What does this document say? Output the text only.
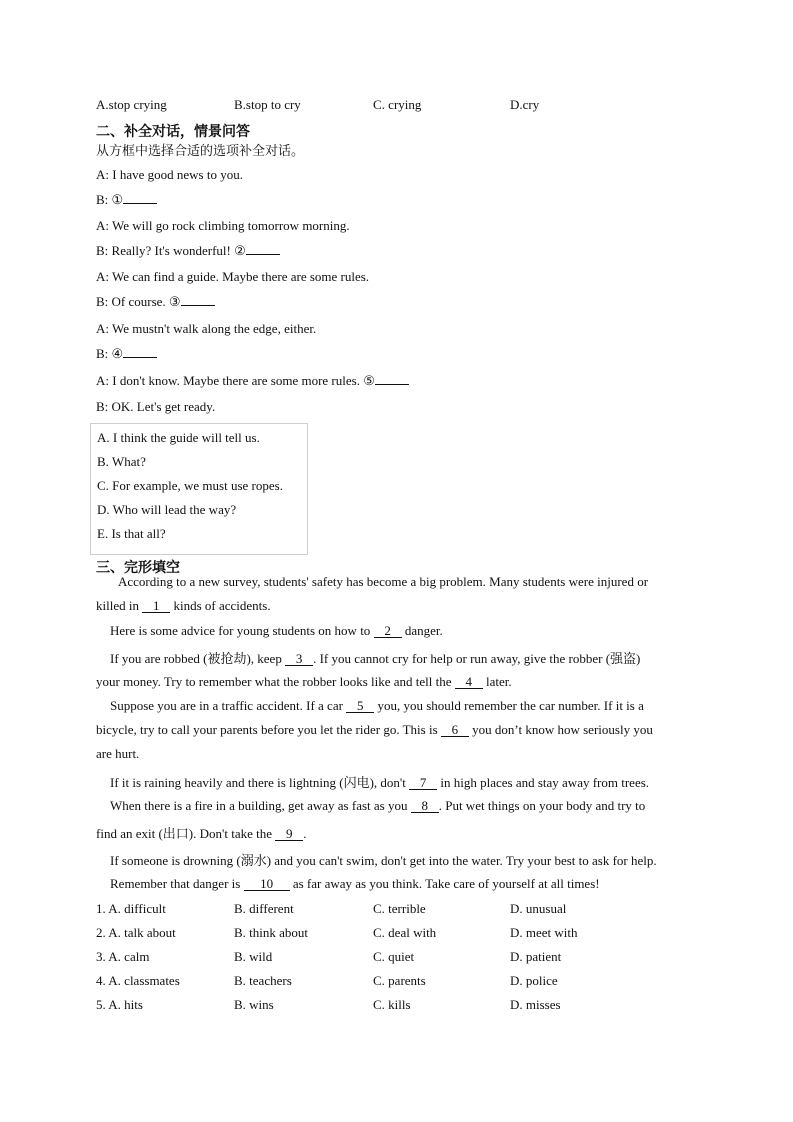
A.stop crying	B.stop to cry	C. crying	D.cry
二、补全对话，情景问答
从方框中选择合适的选项补全对话。
A: I have good news to you.
B: ①
A: We will go rock climbing tomorrow morning.
B: Really? It's wonderful! ②
A: We can find a guide. Maybe there are some rules.
B: Of course. ③
A: We mustn't walk along the edge, either.
B: ④
A: I don't know. Maybe there are some more rules. ⑤
B: OK. Let's get ready.
A. I think the guide will tell us.
B. What?
C. For example, we must use ropes.
D. Who will lead the way?
E. Is that all?
三、完形填空
According to a new survey, students' safety has become a big problem. Many students were injured or
killed in 1 kinds of accidents.
Here is some advice for young students on how to 2 danger.
If you are robbed (被抢劫), keep 3 . If you cannot cry for help or run away, give the robber (强盗)
your money. Try to remember what the robber looks like and tell the 4 later.
Suppose you are in a traffic accident. If a car 5 you, you should remember the car number. If it is a
bicycle, try to call your parents before you let the rider go. This is 6 you don’t know how seriously you
are hurt.
If it is raining heavily and there is lightning (闪电), don't 7 in high places and stay away from trees.
When there is a fire in a building, get away as fast as you 8 . Put wet things on your body and try to
find an exit (出口). Don't take the 9 .
If someone is drowning (溺水) and you can't swim, don't get into the water. Try your best to ask for help.
Remember that danger is 10 as far away as you think. Take care of yourself at all times!
1. A. difficult	B. different	C. terrible	D. unusual
2. A. talk about	B. think about	C. deal with	D. meet with
3. A. calm	B. wild	C. quiet	D. patient
4. A. classmates	B. teachers	C. parents	D. police
5. A. hits	B. wins	C. kills	D. misses
